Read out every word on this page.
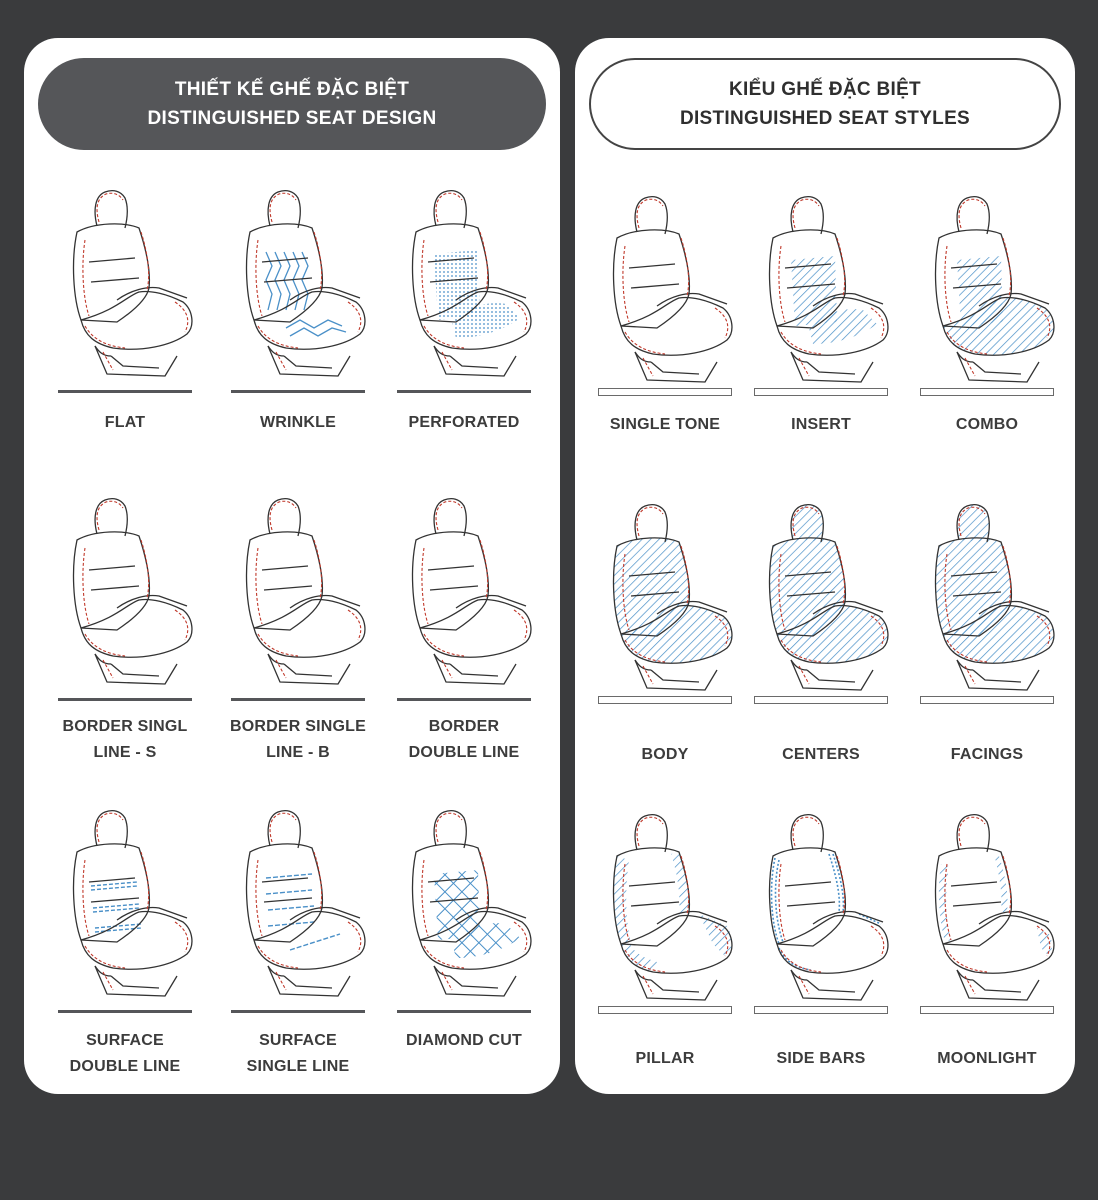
THIẾT KẾ GHẾ ĐẶC BIỆT
DISTINGUISHED SEAT DESIGN
FLAT	WRINKLE	PERFORATED
BORDER SINGL
LINE - S
BORDER SINGLE
LINE - B
BORDER
DOUBLE LINE
SURFACE
DOUBLE LINE
SURFACE
SINGLE LINE
DIAMOND CUT
KIỂU GHẾ ĐẶC BIỆT
DISTINGUISHED SEAT STYLES
SINGLE TONE	INSERT	COMBO
BODY	CENTERS	FACINGS
PILLAR	SIDE BARS	MOONLIGHT
